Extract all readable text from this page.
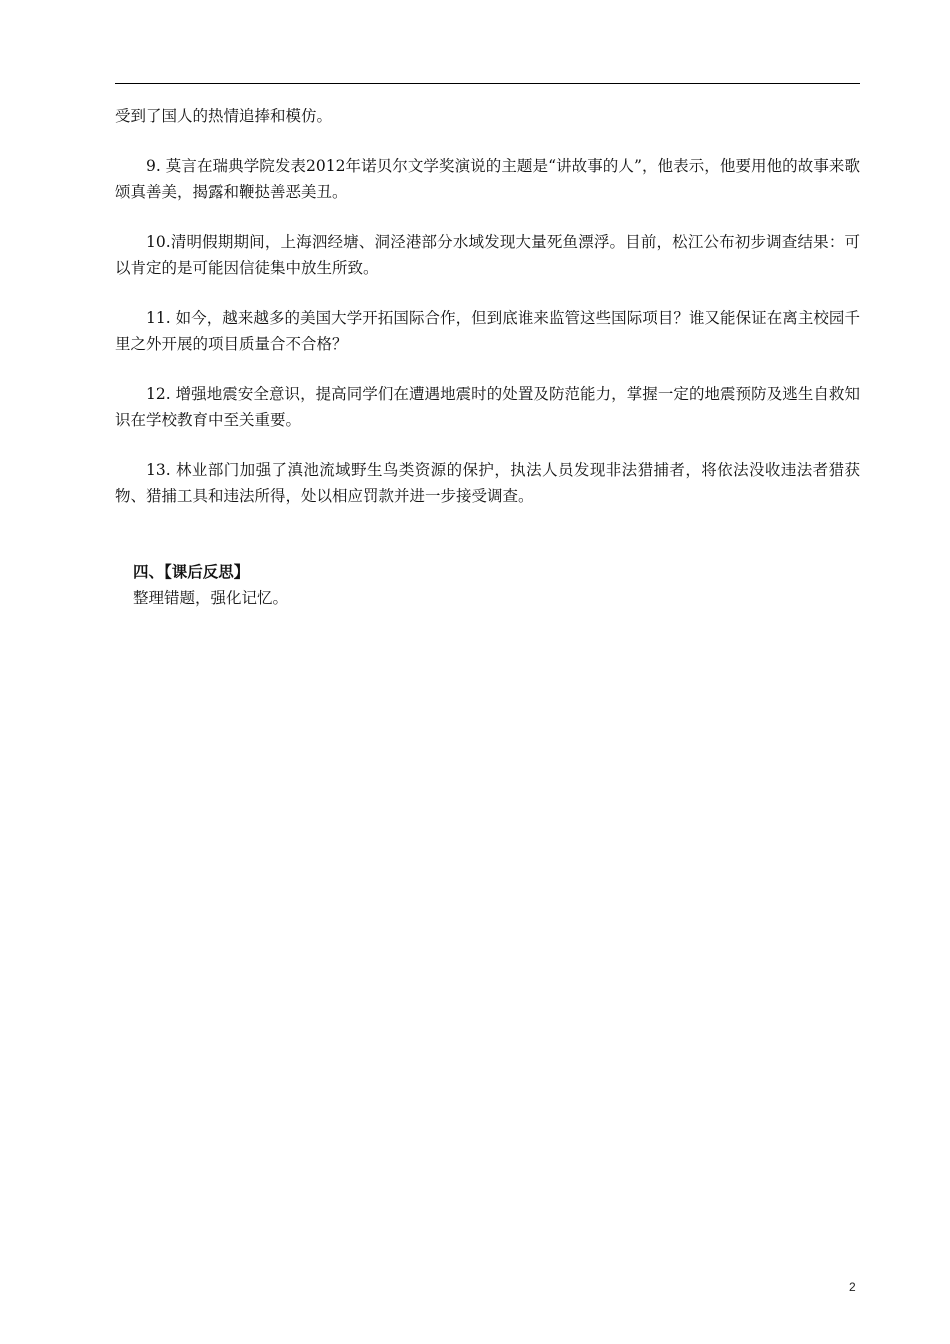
受到了国人的热情追捧和模仿。

9. 莫言在瑞典学院发表2012年诺贝尔文学奖演说的主题是“讲故事的人”，他表示，他要用他的故事来歌颂真善美，揭露和鞭挞善恶美丑。

10.清明假期期间，上海泗经塘、洞泾港部分水域发现大量死鱼漂浮。目前，松江公布初步调查结果：可以肯定的是可能因信徒集中放生所致。

11. 如今，越来越多的美国大学开拓国际合作，但到底谁来监管这些国际项目？谁又能保证在离主校园千里之外开展的项目质量合不合格？

12. 增强地震安全意识，提高同学们在遭遇地震时的处置及防范能力，掌握一定的地震预防及逃生自救知识在学校教育中至关重要。

13. 林业部门加强了滇池流域野生鸟类资源的保护，执法人员发现非法猎捕者，将依法没收违法者猎获物、猎捕工具和违法所得，处以相应罚款并进一步接受调查。

四、【课后反思】

整理错题，强化记忆。

2
